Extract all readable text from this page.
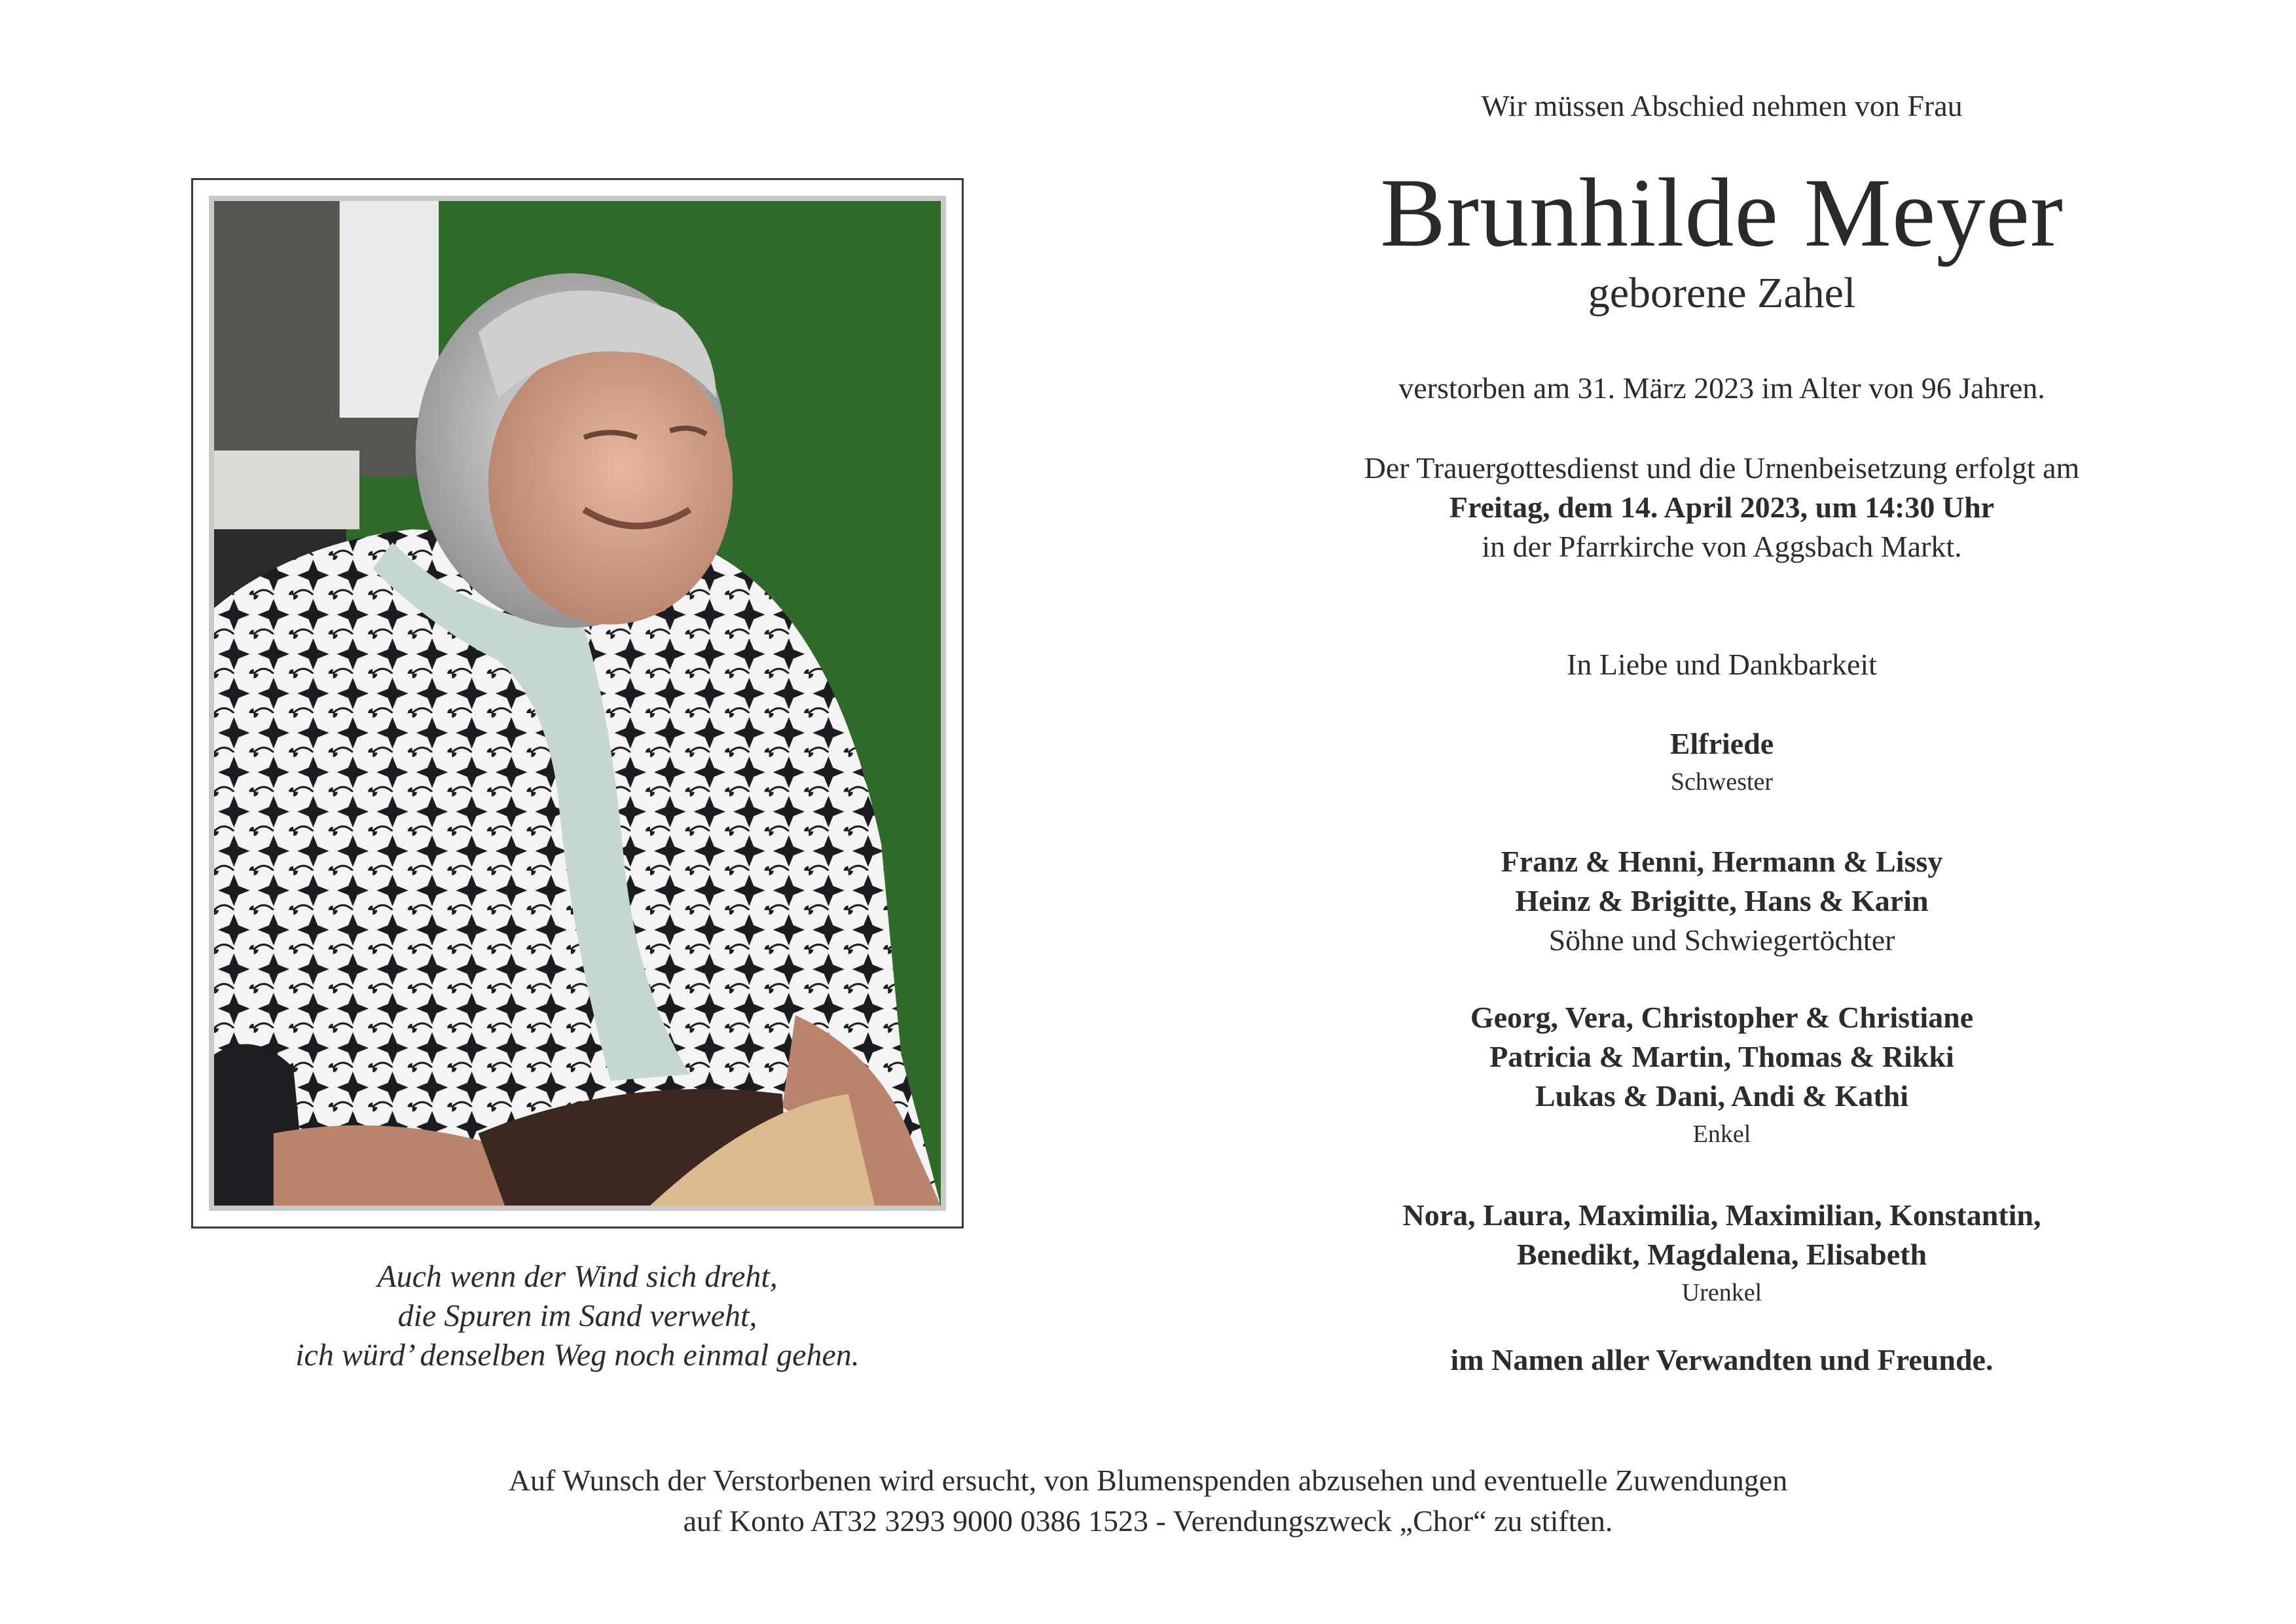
Auch wenn der Wind sich dreht,
die Spuren im Sand verweht,
ich würd’ denselben Weg noch einmal gehen.
Wir müssen Abschied nehmen von Frau
Brunhilde Meyer
geborene Zahel
verstorben am 31. März 2023 im Alter von 96 Jahren.
Der Trauergottesdienst und die Urnenbeisetzung erfolgt am
Freitag, dem 14. April 2023, um 14:30 Uhr
in der Pfarrkirche von Aggsbach Markt.
In Liebe und Dankbarkeit
Elfriede
Schwester
Franz & Henni, Hermann & Lissy
Heinz & Brigitte, Hans & Karin
Söhne und Schwiegertöchter
Georg, Vera, Christopher & Christiane
Patricia & Martin, Thomas & Rikki
Lukas & Dani, Andi & Kathi
Enkel
Nora, Laura, Maximilia, Maximilian, Konstantin,
Benedikt, Magdalena, Elisabeth
Urenkel
im Namen aller Verwandten und Freunde.
Auf Wunsch der Verstorbenen wird ersucht, von Blumenspenden abzusehen und eventuelle Zuwendungen
auf Konto AT32 3293 9000 0386 1523 - Verendungszweck „Chor“ zu stiften.
